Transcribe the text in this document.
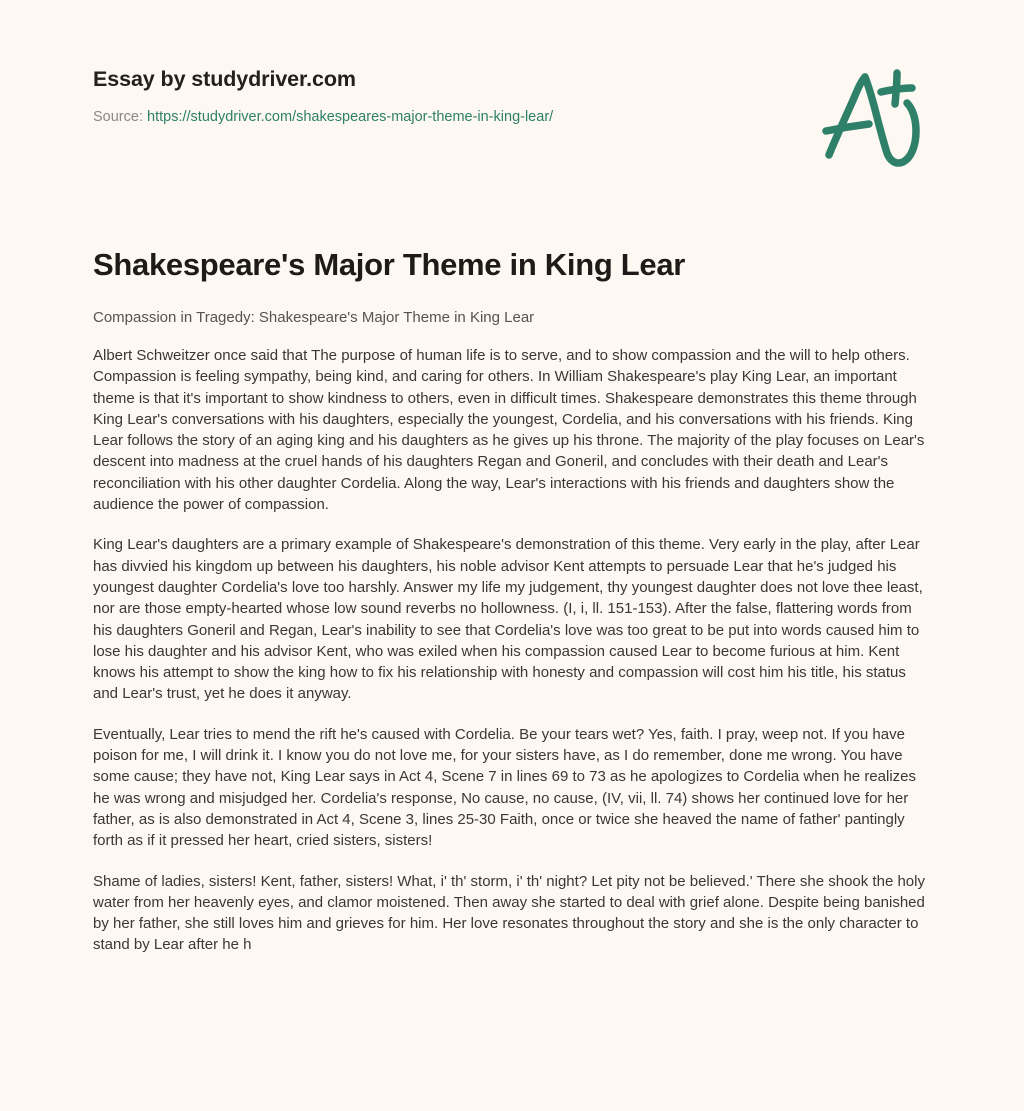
Essay by studydriver.com
Source: https://studydriver.com/shakespeares-major-theme-in-king-lear/
Shakespeare's Major Theme in King Lear

Compassion in Tragedy: Shakespeare's Major Theme in King Lear

Albert Schweitzer once said that The purpose of human life is to serve, and to show compassion and the will to help others. Compassion is feeling sympathy, being kind, and caring for others. In William Shakespeare's play King Lear, an important theme is that it's important to show kindness to others, even in difficult times. Shakespeare demonstrates this theme through King Lear's conversations with his daughters, especially the youngest, Cordelia, and his conversations with his friends. King Lear follows the story of an aging king and his daughters as he gives up his throne. The majority of the play focuses on Lear's descent into madness at the cruel hands of his daughters Regan and Goneril, and concludes with their death and Lear's reconciliation with his other daughter Cordelia. Along the way, Lear's interactions with his friends and daughters show the audience the power of compassion.

King Lear's daughters are a primary example of Shakespeare's demonstration of this theme. Very early in the play, after Lear has divvied his kingdom up between his daughters, his noble advisor Kent attempts to persuade Lear that he's judged his youngest daughter Cordelia's love too harshly. Answer my life my judgement, thy youngest daughter does not love thee least, nor are those empty-hearted whose low sound reverbs no hollowness. (I, i, ll. 151-153). After the false, flattering words from his daughters Goneril and Regan, Lear's inability to see that Cordelia's love was too great to be put into words caused him to lose his daughter and his advisor Kent, who was exiled when his compassion caused Lear to become furious at him. Kent knows his attempt to show the king how to fix his relationship with honesty and compassion will cost him his title, his status and Lear's trust, yet he does it anyway.

Eventually, Lear tries to mend the rift he's caused with Cordelia. Be your tears wet? Yes, faith. I pray, weep not. If you have poison for me, I will drink it. I know you do not love me, for your sisters have, as I do remember, done me wrong. You have some cause; they have not, King Lear says in Act 4, Scene 7 in lines 69 to 73 as he apologizes to Cordelia when he realizes he was wrong and misjudged her. Cordelia's response, No cause, no cause, (IV, vii, ll. 74) shows her continued love for her father, as is also demonstrated in Act 4, Scene 3, lines 25-30 Faith, once or twice she heaved the name of father' pantingly forth as if it pressed her heart, cried sisters, sisters!

Shame of ladies, sisters! Kent, father, sisters! What, i' th' storm, i' th' night? Let pity not be believed.' There she shook the holy water from her heavenly eyes, and clamor moistened. Then away she started to deal with grief alone. Despite being banished by her father, she still loves him and grieves for him. Her love resonates throughout the story and she is the only character to stand by Lear after he h
